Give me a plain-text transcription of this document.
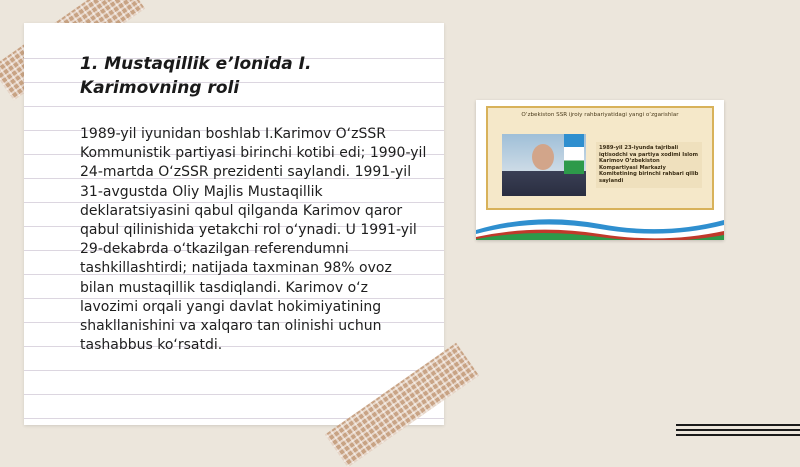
1. Mustaqillik e’lonida I. Karimovning roli

1989-yil iyunidan boshlab I.Karimov O‘zSSR Kommunistik partiyasi birinchi kotibi edi; 1990-yil 24-martda O‘zSSR prezidenti saylandi. 1991-yil 31-avgustda Oliy Majlis Mustaqillik deklaratsiyasini qabul qilganda Karimov qaror qabul qilinishida yetakchi rol o‘ynadi. U 1991-yil 29-dekabrda o‘tkazilgan referendumni tashkillashtirdi; natijada taxminan 98% ovoz bilan mustaqillik tasdiqlandi. Karimov o‘z lavozimi orqali yangi davlat hokimiyatining shakllanishini va xalqaro tan olinishi uchun tashabbus ko‘rsatdi.

O‘zbekiston SSR ijroiy rahbariyatidagi yangi o‘zgarishlar
1989-yil 23-iyunda tajribali iqtisodchi va partiya xodimi Islom Karimov O‘zbekiston Kompartiyasi Markaziy Komitetining birinchi rahbari qilib saylandi
